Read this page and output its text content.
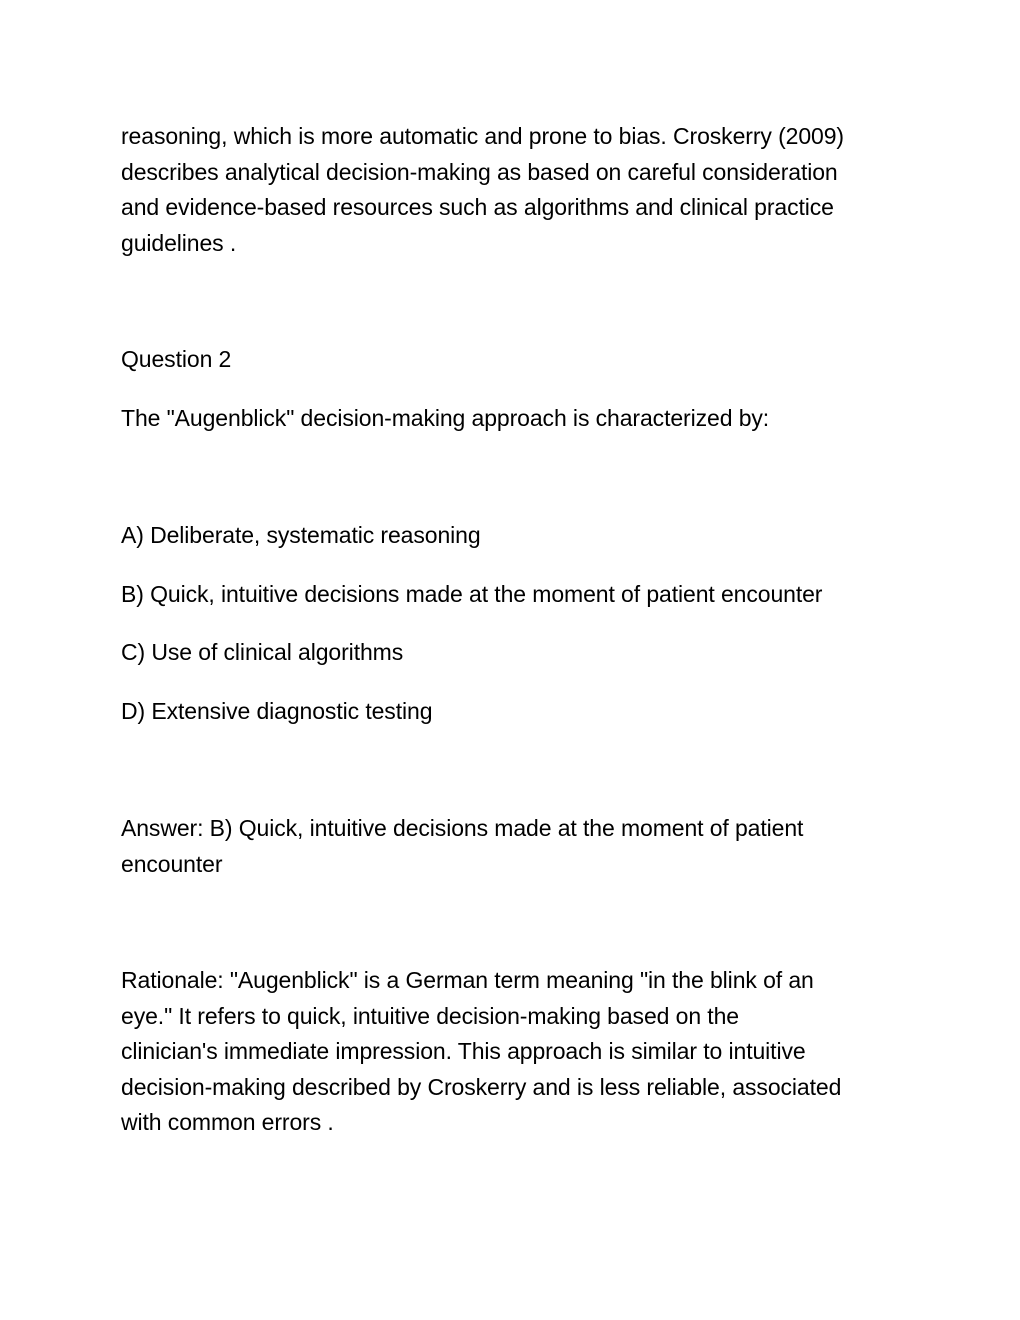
reasoning, which is more automatic and prone to bias. Croskerry (2009)
describes analytical decision-making as based on careful consideration
and evidence-based resources such as algorithms and clinical practice
guidelines .

Question 2

The "Augenblick" decision-making approach is characterized by:

A) Deliberate, systematic reasoning

B) Quick, intuitive decisions made at the moment of patient encounter

C) Use of clinical algorithms

D) Extensive diagnostic testing

Answer: B) Quick, intuitive decisions made at the moment of patient
encounter

Rationale: "Augenblick" is a German term meaning "in the blink of an
eye." It refers to quick, intuitive decision-making based on the
clinician's immediate impression. This approach is similar to intuitive
decision-making described by Croskerry and is less reliable, associated
with common errors .
